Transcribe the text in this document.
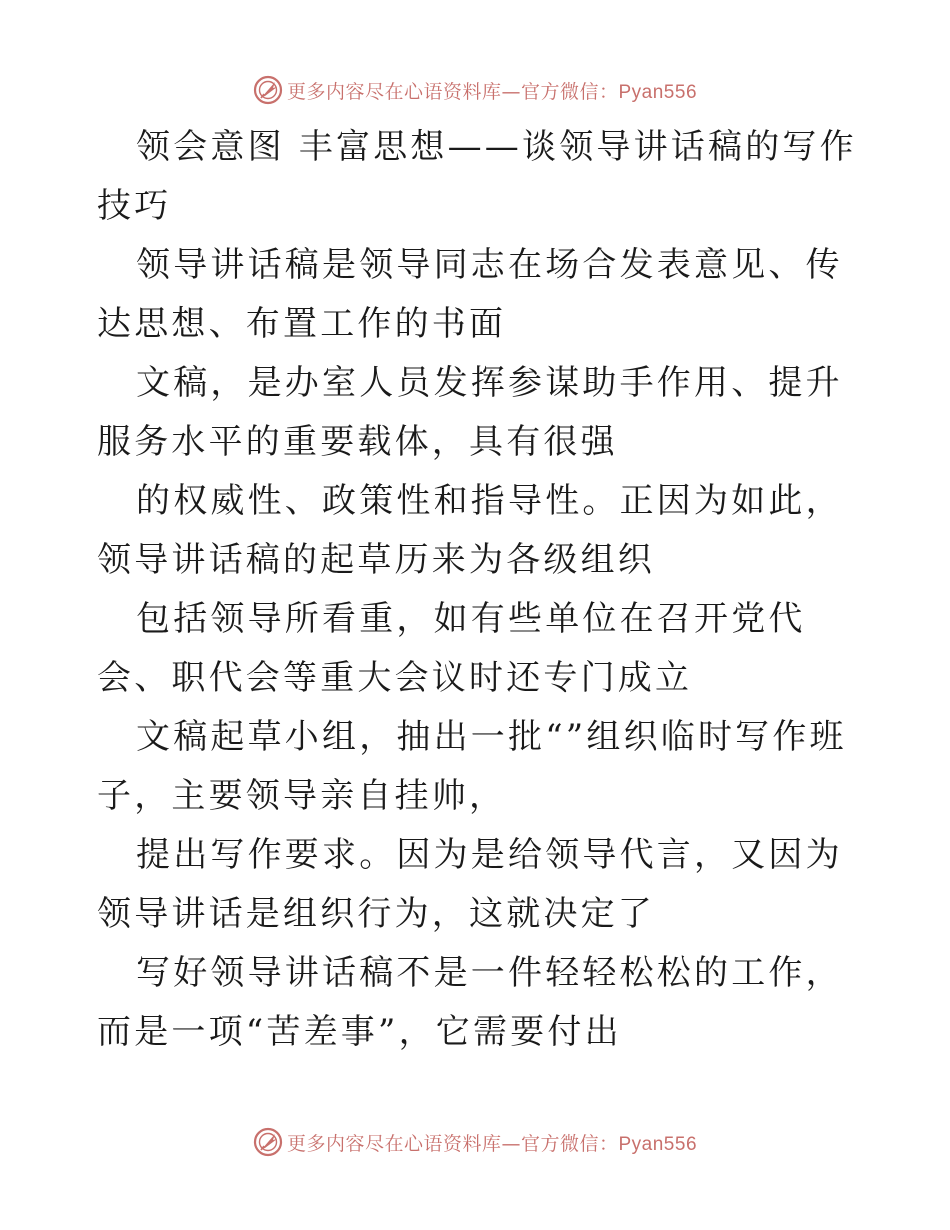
更多内容尽在心语资料库—官方微信：Pyan556

领会意图 丰富思想——谈领导讲话稿的写作技巧

领导讲话稿是领导同志在场合发表意见、传达思想、布置工作的书面

文稿，是办室人员发挥参谋助手作用、提升服务水平的重要载体，具有很强

的权威性、政策性和指导性。正因为如此，领导讲话稿的起草历来为各级组织

包括领导所看重，如有些单位在召开党代会、职代会等重大会议时还专门成立

文稿起草小组，抽出一批“”组织临时写作班子，主要领导亲自挂帅，

提出写作要求。因为是给领导代言，又因为领导讲话是组织行为，这就决定了

写好领导讲话稿不是一件轻轻松松的工作，而是一项“苦差事”，它需要付出

更多内容尽在心语资料库—官方微信：Pyan556
